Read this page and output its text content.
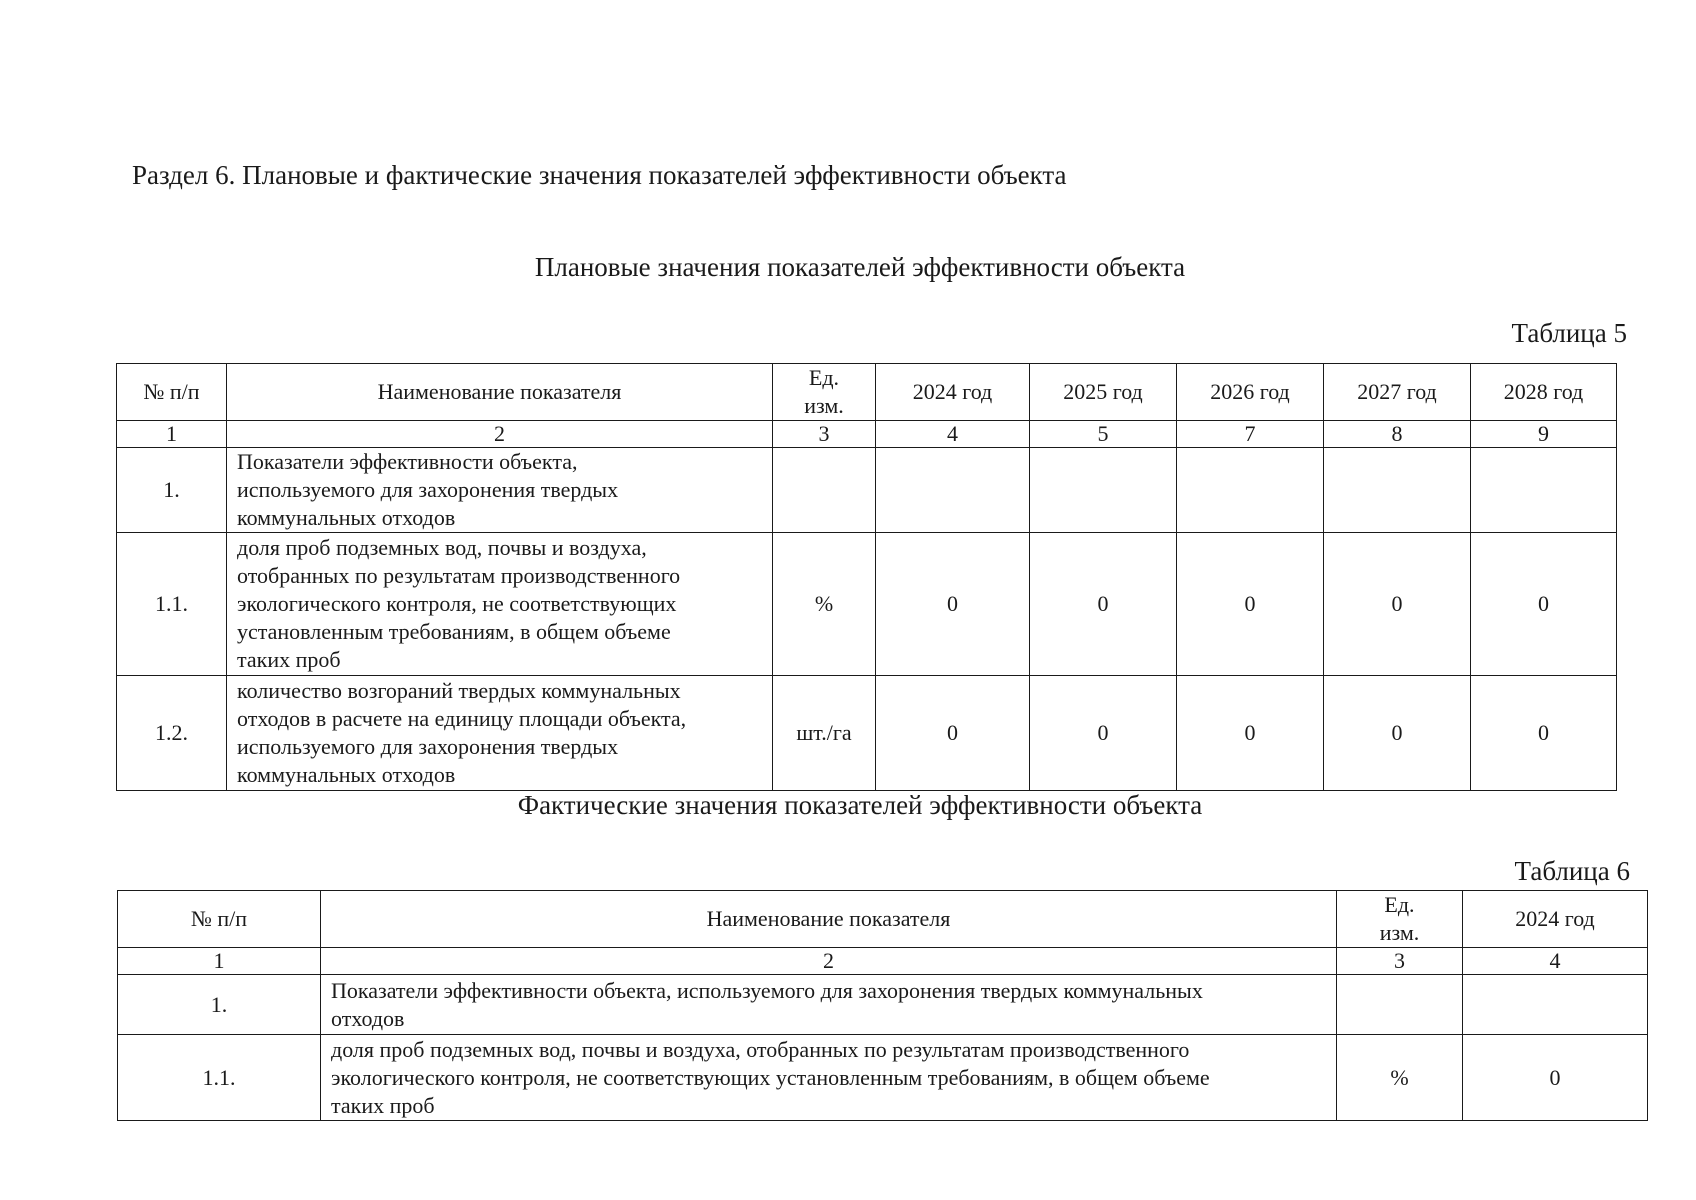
Раздел 6. Плановые и фактические значения показателей эффективности объекта
Плановые значения показателей эффективности объекта
Таблица 5
№ п/п	Наименование показателя	Ед.
изм.	2024 год	2025 год	2026 год	2027 год	2028 год
1	2	3	4	5	7	8	9
1.	Показатели эффективности объекта,
используемого для захоронения твердых
коммунальных отходов						

1.1.	доля проб подземных вод, почвы и воздуха,
отобранных по результатам производственного
экологического контроля, не соответствующих
установленным требованиям, в общем объеме
таких проб	%	0	0	0	0	0
1.2.	количество возгораний твердых коммунальных
отходов в расчете на единицу площади объекта,
используемого для захоронения твердых
коммунальных отходов	шт./га	0	0	0	0	0
Фактические значения показателей эффективности объекта
Таблица 6
№ п/п	Наименование показателя	Ед.
изм.	2024 год
1	2	3	4
1.	Показатели эффективности объекта, используемого для захоронения твердых коммунальных
отходов		

1.1.	доля проб подземных вод, почвы и воздуха, отобранных по результатам производственного
экологического контроля, не соответствующих установленным требованиям, в общем объеме
таких проб	%	0
